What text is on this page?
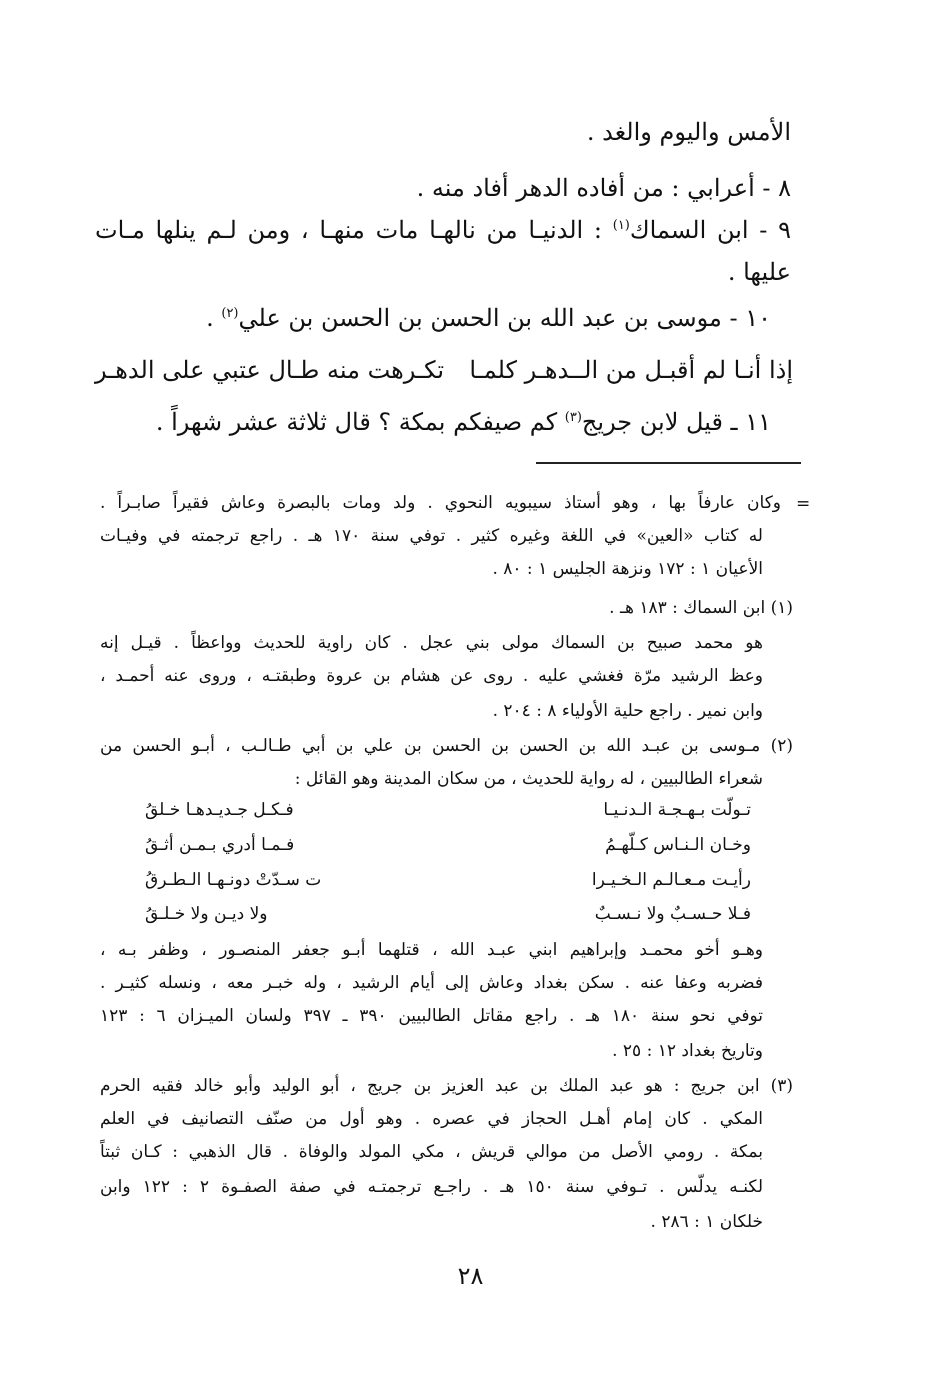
الأمس واليوم والغد .
٨ - أعرابي : من أفاده الدهر أفاد منه .
٩ - ابن السماك$^{(١)}$ : الدنيـا من نالهـا مات منهـا ، ومن لـم ينلها مـات
عليها .
١٠ - موسى بن عبد الله بن الحسن بن الحسن بن علي$^{(٢)}$ .
إذا أنـا لم أقبـل من الــدهـر كلمـا
تكـرهت منه طـال عتبي على الدهـر
١١ ـ قيل لابن جريج$^{(٣)}$ كم صيفكم بمكة ؟ قال ثلاثة عشر شهراً .
=
وكان عارفاً بها ، وهو أستاذ سيبويه النحوي . ولد ومات بالبصرة وعاش فقيراً صابـراً .
له كتاب «العين» في اللغة وغيره كثير . توفي سنة ١٧٠ هـ . راجع ترجمته في وفيـات
الأعيان ١ : ١٧٢ ونزهة الجليس ١ : ٨٠ .
(١) ابن السماك : ١٨٣ هـ .
هو محمد صبيح بن السماك مولى بني عجل . كان راوية للحديث وواعظاً . قيـل إنه
وعظ الرشيد مرّة فغشي عليه . روى عن هشام بن عروة وطبقتـه ، وروى عنه أحمـد ،
وابن نمير . راجع حلية الأولياء ٨ : ٢٠٤ .
(٢) مـوسى بن عبـد الله بن الحسن بن الحسن بن علي بن أبي طـالـب ، أبـو الحسن من
شعراء الطالبيين ، له رواية للحديث ، من سكان المدينة وهو القائل :
تـولّت بـهـجـة الـدنـيـا
فـكـل جـديـدهـا خـلقُ
وخـان الـنـاس كـلّهـمُ
فـمـا أدري بـمـن أثـقُ
رأيـت مـعـالـم الـخـيـرا
ت سـدّتْ دونـهـا الـطـرقُ
فـلا حـسـبٌ ولا نـسـبٌ
ولا ديـن ولا خـلـقُ
وهـو أخو محمـد وإبراهيم ابني عبـد الله ، قتلهما أبـو جعفر المنصـور ، وظفر بـه ،
فضربه وعفا عنه . سكن بغداد وعاش إلى أيام الرشيد ، وله خبـر معه ، ونسله كثيـر .
توفي نحو سنة ١٨٠ هـ . راجع مقاتل الطالبيين ٣٩٠ ـ ٣٩٧ ولسان الميـزان ٦ : ١٢٣
وتاريخ بغداد ١٢ : ٢٥ .
(٣) ابن جريج : هو عبد الملك بن عبد العزيز بن جريج ، أبو الوليد وأبو خالد فقيه الحرم
المكي . كان إمام أهـل الحجاز في عصره . وهو أول من صنّف التصانيف في العلم
بمكة . رومي الأصل من موالي قريش ، مكي المولد والوفاة . قال الذهبي : كـان ثبتاً
لكنـه يدلّس . تـوفي سنة ١٥٠ هـ . راجـع ترجمتـه في صفة الصفـوة ٢ : ١٢٢ وابن
خلكان ١ : ٢٨٦ .
٢٨
